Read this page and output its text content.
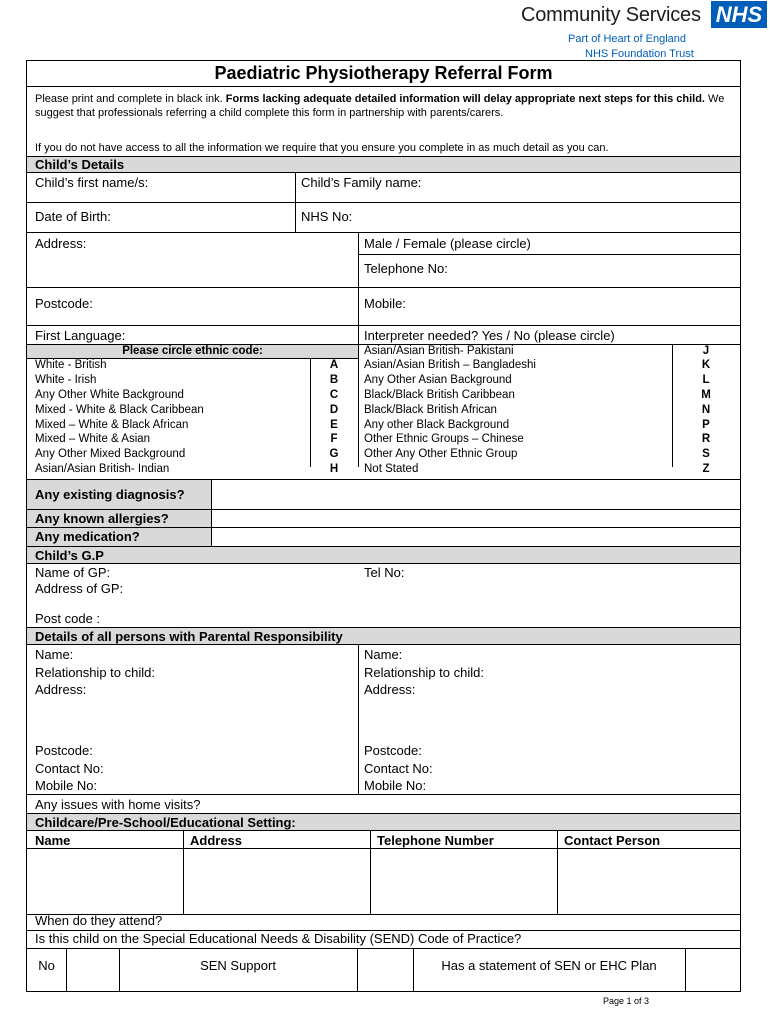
Community Services NHS
Part of Heart of England
NHS Foundation Trust
Paediatric Physiotherapy Referral Form
Please print and complete in black ink. Forms lacking adequate detailed information will delay appropriate next steps for this child. We suggest that professionals referring a child complete this form in partnership with parents/carers.
If you do not have access to all the information we require that you ensure you complete in as much detail as you can.
Child’s Details
Child’s first name/s:	Child’s Family name:
Date of Birth:	NHS No:
Address:	Male / Female (please circle)
Telephone No:
Postcode:	Mobile:
First Language:	Interpreter needed? Yes / No (please circle)
Please circle ethnic code:
White - British	A
White - Irish	B
Any Other White Background	C
Mixed - White & Black Caribbean	D
Mixed – White & Black African	E
Mixed – White & Asian	F
Any Other Mixed Background	G
Asian/Asian British- Indian	H
Asian/Asian British- Pakistani	J
Asian/Asian British – Bangladeshi	K
Any Other Asian Background	L
Black/Black British Caribbean	M
Black/Black British African	N
Any other Black Background	P
Other Ethnic Groups – Chinese	R
Other Any Other Ethnic Group	S
Not Stated	Z
Any existing diagnosis?
Any known allergies?
Any medication?
Child’s G.P
Name of GP:	Tel No:
Address of GP:
Post code :
Details of all persons with Parental Responsibility
Name:	Name:
Relationship to child:	Relationship to child:
Address:	Address:
Postcode:	Postcode:
Contact No:	Contact No:
Mobile No:	Mobile No:
Any issues with home visits?
Childcare/Pre-School/Educational Setting:
Name	Address	Telephone Number	Contact Person
When do they attend?
Is this child on the Special Educational Needs & Disability (SEND) Code of Practice?
No	SEN Support	Has a statement of SEN or EHC Plan
Page 1 of 3
